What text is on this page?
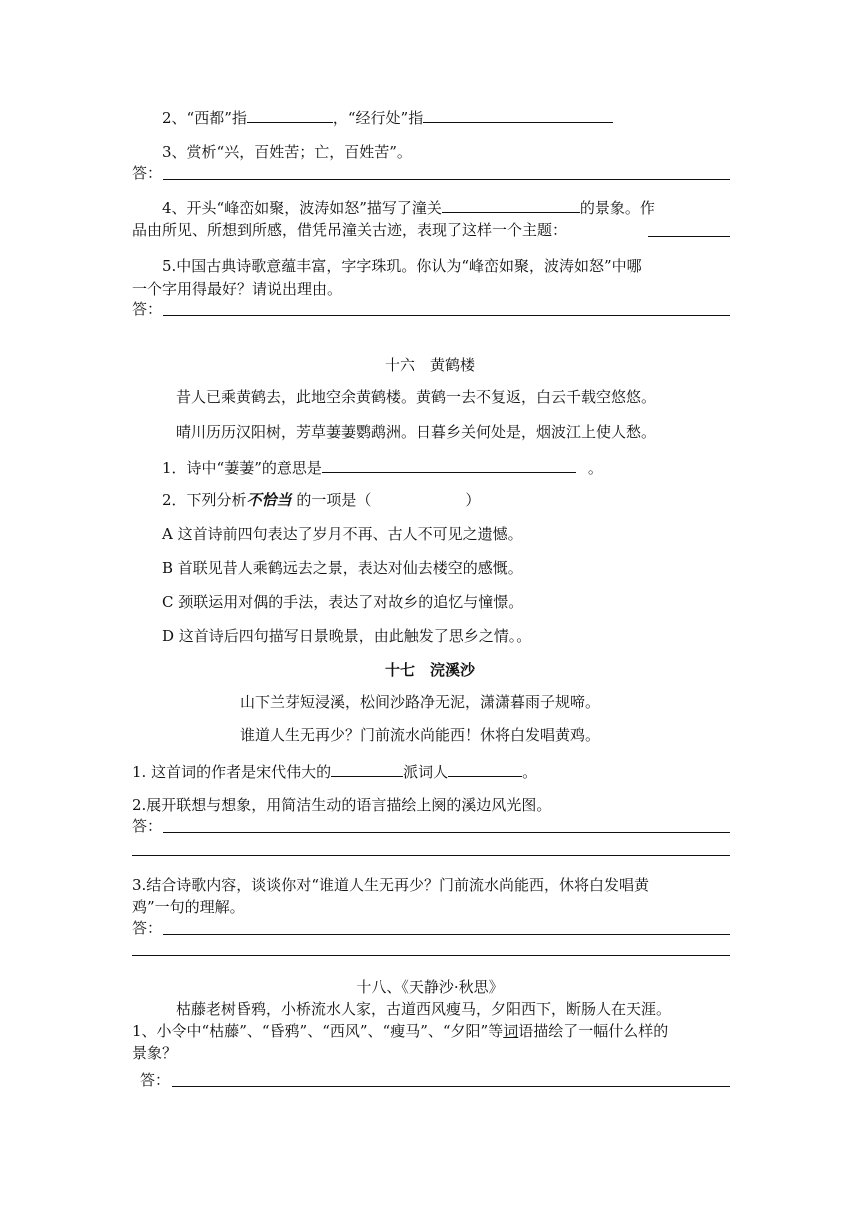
2、“西都”指	，“经行处”指
3、赏析“兴，百姓苦；亡，百姓苦”。
答：
4、开头“峰峦如聚，波涛如怒”描写了潼关	的景象。作
品由所见、所想到所感，借凭吊潼关古迹，表现了这样一个主题：
5.中国古典诗歌意蕴丰富，字字珠玑。你认为“峰峦如聚，波涛如怒”中哪
一个字用得最好？请说出理由。
答：
十六　黄鹤楼
昔人已乘黄鹤去，此地空余黄鹤楼。黄鹤一去不复返，白云千载空悠悠。
晴川历历汉阳树，芳草萋萋鹦鹉洲。日暮乡关何处是，烟波江上使人愁。
1．诗中“萋萋”的意思是	。
2．下列分析不恰当 的一项是（	）
A 这首诗前四句表达了岁月不再、古人不可见之遗憾。
B 首联见昔人乘鹤远去之景，表达对仙去楼空的感慨。
C 颈联运用对偶的手法，表达了对故乡的追忆与憧憬。
D 这首诗后四句描写日景晚景，由此触发了思乡之情。。
十七　浣溪沙
山下兰芽短浸溪，松间沙路净无泥，潇潇暮雨子规啼。
谁道人生无再少？门前流水尚能西！休将白发唱黄鸡。
1. 这首词的作者是宋代伟大的	派词人	。
2.展开联想与想象，用简洁生动的语言描绘上阕的溪边风光图。
答：
3.结合诗歌内容，谈谈你对“谁道人生无再少？门前流水尚能西，休将白发唱黄
鸡”一句的理解。
答：
十八、《天静沙·秋思》
枯藤老树昏鸦，小桥流水人家，古道西风瘦马，夕阳西下，断肠人在天涯。
1、小令中“枯藤”、“昏鸦”、“西风”、“瘦马”、“夕阳”等词语描绘了一幅什么样的
景象？
答：
